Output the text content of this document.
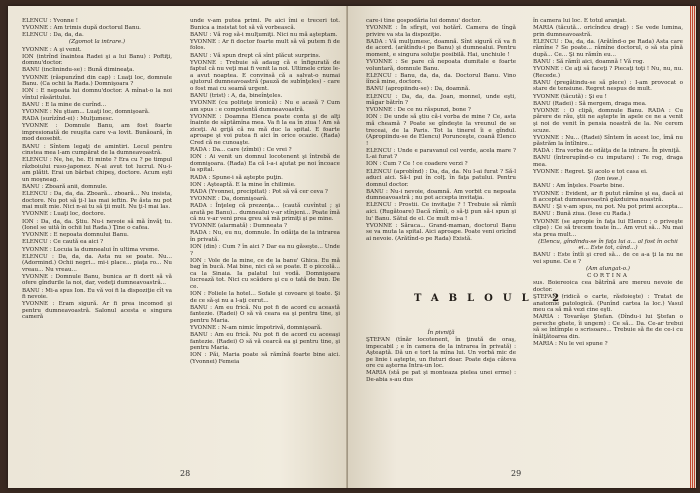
ELENCU : Yvonne !

YVONNE : Am trimis după doctorul Banu.

ELENCU : Da, da, da.

(Zgomot la intrare.)

YVONNE : A şi venit.

ION (intrînd înaintea Radei şi a lui Banu) : Poftiţi, domnu'doctor.

BANU (inclinindu-se) : Bună dimineaţa.

YVONNE (răspunzînd din cap) : Luaţi loc, domnule Banu. (Ca ochii la Rada.) Domnişoara ?

ION : E nepoata lui domnu'doctor. A mînat-o la noi vîntul răsăritului.

BANU : E la mine de curînd...

YVONNE : Nu ştiam... Luaţi loc, domnişoară.

RADA (surîzînd-ei) : Mulţumesc.

YVONNE : Domnule Banu, am fost foarte impresionată de reuşita care v-a lovit. Bunăoară, în mod deosebit.

BANU : Sîntem legaţi de amintiri. Lecul pentru cinstea mea l-am cumpărat de la dumneavoastră.

ELENCU : Ne, he, he. Ei minte ? Era cu ? pe timpul războiului ruso-japonez. N-ai avut tot lucrul. Nu-i-am plătit. Erai un bărbat chipeş, doctore. Acum eşti un moşneag.

BANU : Zboară anii, domnule.

ELENCU : Da, da, da. Zboară... zboară... Nu insista, doctore. Nu pot să ţi-l las mai ieftin. Pe ăsta nu pot mai mult mie. Nici n-ai tu să ţii mult. Nu ţi-l mai las.

YVONNE : Luaţi loc, doctore.

ION : Da, da, da. Ştiu. Nu-i nevoie să mă învăţ tu. (Ionel se uită în ochii lui Rada.) Ţine o cafea.

YVONNE : E nepoata domnului Banu.

ELENCU : Ce caută ea aici ?

YVONNE : Locuia la dumnealui în ultima vreme.

ELENCU : Da, da, da. Asta nu se poate. Nu... (Adormind.) Ochii negri... mi-i place... piaţa ro... Nu vreau... Nu vreau...

YVONNE : Domnule Banu, bunica ar fi dorit să vă ofere gîndurile la noi, dar, vedeţi dumneavoastră...

BANU : Mi-a spus Ion. Eu vă voi fi la dispoziţie cît va fi nevoie.

YVONNE : Eram sigură. Ar fi prea incomod şi pentru dumneavoastră. Salonul acesta e singura cameră

unde v-am putea primi. Pe aici îmi e treceri tot. Bunica a insistat tot să vă vorbească.

BANU : Vă rog să-i mulţumiţi. Nici nu mă aşteptam.

YVONNE : Ar fi doctor foarte mult să vă putem fi de folos.

BANU : Vă spun drept că sînt plăcut surprins.

YVONNE : Trebuie să adaug că e înfigurată de faptul că nu veţi mai fi venit la noi. Ultimele crize le-a avut noaptea. E convinsă că a salvat-o numai ajutorul dumneavoastră (pauză de subînţeles) - care o fost mai cu seamă urgent.

BANU (trist) : A, da, bineînţeles.

YVONNE (cu politeţe ironică) : Nu e acasă ? Cum am spus : e competentă dumneavoastră.

YVONNE : Doamna Elenca poate conta şi de alţi înainte de săptămîna mea. Va fi la ea în ziua ! Am să ziceţi. Ai grijă că nu mă duc la spital. E foarte aproape şi voi putea fi aici în orice ocazie. (Rada) Cred că ne cunoaşte.

RADA : Da... care (zîmbi) : Ce vrei ?

ION : Ai venit un domnul locotenent şi întrebă de domnişoara. (Rada) Ea că l-a-i ajutat pe noi încoace la spital.

RADA : Spune-i să aştepte puţin.

ION : Aşteaptă. E la mine în chilimie.

RADA (Yvonnei, precipitat) : Pot să vă cer ceva ?

YVONNE : Da, domnişoară.

RADA : Înţeleg că prezenţa... (caută cuvîntul ; şi arată pe Banu)... dumnealui v-ar stînjeni... Poate îmă că nu v-ar veni prea greu să mă primiţi şi pe mine.

YVONNE (alarmată) : Dumneata ?

RADA : Nu, eu nu, domnule. În odăiţa de la intrarea în privată.

ION (din) : Cum ? în aici ? Dar ea nu găseşte... Unde ?

ION : Vole de la mine, ce de la banu' Ghica. Eu mă bag în bucă. Mai bine, nici că se poate. E o piccolă... ca la Sinaia. Ia palatul lui vodă. Domnişoara lucrează tot. Nici cu scădere şi cu o tată de bun. De ce.

ION : Foliele la hotel... Sofale şi covoare şi toate. Şi de ce să-şi nu a l-aţi cerut...

BANU : Am eu frică. Nu pot fi de acord cu această fantezie. (Radei) O să vă ceara ea şi pentru tine, şi pentru Maria.

YVONNE : N-am nimic împotrivă, domnişoară.

BANU : Am eu frică. Nu pot fi de acord cu aceeaşi fantezie. (Radei) O să vă cearcă ea şi pentru tine, şi pentru Maria.

ION : Păi, Maria poate să rămînă foarte bine aici. (Yvonnei) Femeia

28

care-i tine gospodăria lui domnu' doctor.

YVONNE : În sfîrşit, voi hotărî. Camera de lîngă privire va sta la dispoziţie.

BADA : Vă mulţumesc, doamnă. Sînt sigură că va fi de acord. (arătîndu-i pe Banu) şi dumnealui. Pentru moment, e singura soluţie posibilă. Hai, unchiule !

YVONNE : Se pare că nepoata dumitale e foarte voluntară, domnule Banu.

ELENCU : Banu, da, da, da. Doctorul Banu. Vino îîncă mine, doctore.

BANU (apropiindu-se) : Da, doamnă.

ELENCU : Da, da, da. Joan, monnel, unde eşti, măgar bătrîn ?

YVONNE : De ce nu răspunzi, bone ?

ION : De unde să ştiu că-i vorba de mine ? Ce, asta mă cheamă ? Poate se gîndeşte la vreunul de se treceai, de la Paris. Tot la tinerel îi e gîndul. (Apropiindu-se de Elencu) Porunceşte, coană Elenco !

ELENCU : Unde e paravanul cel verde, acela mare ? L-ai furat ?

ION : Cum ? Ce ! ce coadere verzi ?

ELENCU (aprobînd) : Da, da, da. Nu l-ai furat ? Să-l aduci aici. Să-l pui în colţ. în faţa patului. Pentru domnul doctor.

BANU : Nu-i nevoie, doamnă. Am vorbit cu nepoata dumneavoastră ; nu pot accepta invitaţia.

ELENCU : Prostii. Ce invitaţie ? ! Trebuie să rămîi aici. (Rugătoare) Dacă rămîi, o să-ţi pun să-i spun şi lu' Banu. Sătul de el. Ce mult mi-a !

YVONNE : Săraca... Grand-maman, doctorul Banu se va muta la spital. Aici aproape. Poate veni oricînd ai nevoie. (Arătînd-o pe Rada) Există.

TABLOUL 2

În pivniţă

ŞTEFAN (tînăr locotenent, în ţinută de oraş, impecabil ; e în camera de la intrarea în privată) : Aşteaptă. Dă un e tort la mîna lui. Un vorbă mic de pe linie i aştepte, un fluturi doar. Poate deja câteva ore cu aşterna Intra-un loc.

MARIA (stă pe pat şi monteaza pielea unei erme) : De-abia s-au dus

în camera lui loc. E totul aranjat.

MARIA (tăcută... oricîndcu drag) : Se vede lumina, prin dumneavoastră.

ELENCU : Da, da, da. (Arătînd-o pe Rada) Asta care rămîne ? Se poate... rămîne doctorul, o să sta pînă după... Ce... Şi nu rămîn eu...

BANU : Să rămîi aici, doamnă ! Vă rog.

YVONNE : Ce aţi să faceţi ? Piecaţi toţi ! Nu, nu, nu. (Recede.)

BANU (pregătindu-se să plece) : I-am provocat o stare de tensiune. Regret nespus de mult.

YVONNE (tăcută) : Şi eu !

BANU (Radei) : Să mergem, draga mea.

YVONNE : O clipă, domnule Banu. RADA : Cu părere de rău, ştii ne aştepte în apele ce ne a venit şi noi de venit în pensia noastră de la. Ne cerem scuze.

YVONNE : Nu... (Radei) Sîntem în acest loc, îmă nu păstrăm la întîlnire...

RADA : Era vorba de odăiţa de la intrare. În pivniţă.

BANU (întrerupînd-o cu imputare) : Te rog, draga mea.

YVONNE : Regret. Şi acolo e tot casa ei.

(Ion iese.)

BANU : Am înţeles. Foarte bine.

YVONNE : Evident, ar fi putut rămîne şi ea, dacă ai fi acceptat dumneavoastră găzduirea noastră.

BANU : Şi v-am spus, nu pot. Nu pot primi accepta...

BANU : Bună ziua. (Iese cu Rada.)

YVONNE (se apropie în faţa lui Elencu ; o priveşte clipe) : Ce să trecem toate în... Am vrut să... Nu mai sta prea mult...

(Elencu, gîndindu-se în faţa lui a... al fost în ochii ei... Este tot, când...)

BANU : Este întîi şi cred să... de ce a-a ţi la nu ne vei spune. Ce e ?

(Am alungat-o.)

CORTINA

sus. Boiereoica cea bătrînă are mereu nevoie de doctor.

ŞTEFAN (ridică o carte, răsfoieşte) : Tratat de anatomie patologică. (Punînd cartea la loc.) Vasul meu ca să mă vezi cine eşti.

MARIA : Tovarăşe Ştefan. (Dîndu-i lui Ştefan o pereche ghete, îi ungem) : Ce să... Da. Ce-ar trebui să se întîmple o scrisoare... Trebuie să fie de ce-i cu înălţătoarea din.

MARIA : Nu le vei spune ?

29
